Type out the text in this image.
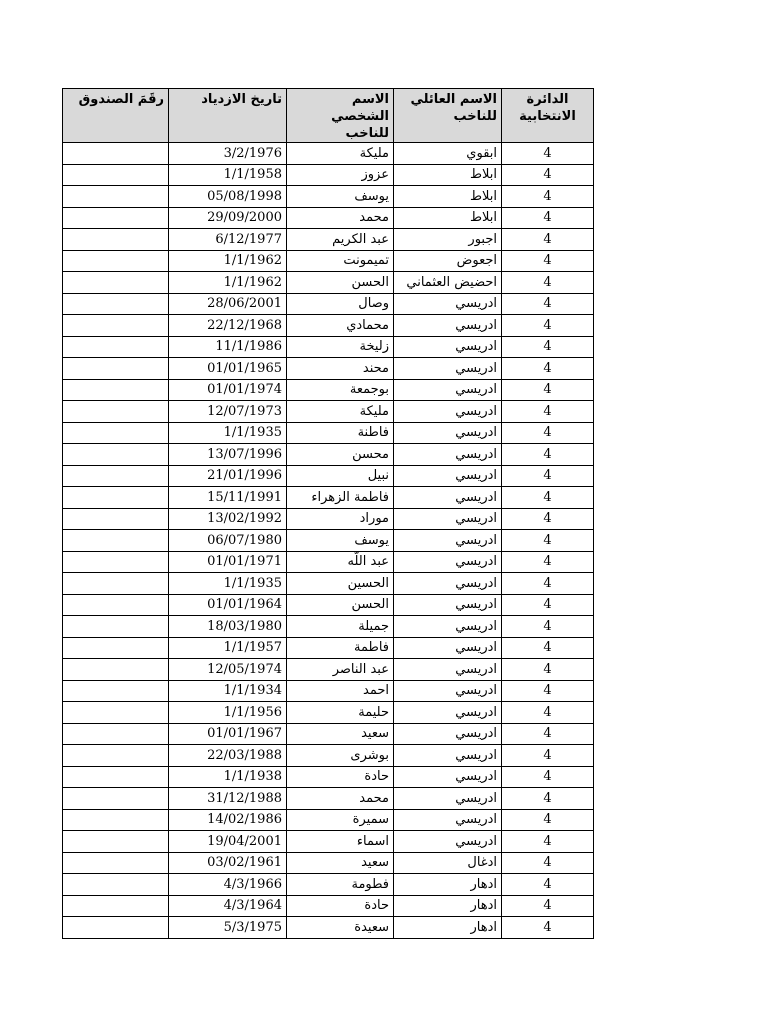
رقَمَ الصندوق	تاريخ الازدياد	الاسم الشخصي للناخب	الاسم العائلي للناخب	الدائرة الانتخابية
	3/2/1976	مليكة	ابقوي	4
	1/1/1958	عزوز	ابلاط	4
	05/08/1998	يوسف	ابلاط	4
	29/09/2000	محمد	ابلاط	4
	6/12/1977	عبد الكريم	اجبور	4
	1/1/1962	تميمونت	اجعوض	4
	1/1/1962	الحسن	احضيض العثماني	4
	28/06/2001	وصال	ادريسي	4
	22/12/1968	محمادي	ادريسي	4
	11/1/1986	زليخة	ادريسي	4
	01/01/1965	محند	ادريسي	4
	01/01/1974	بوجمعة	ادريسي	4
	12/07/1973	مليكة	ادريسي	4
	1/1/1935	فاطنة	ادريسي	4
	13/07/1996	محسن	ادريسي	4
	21/01/1996	نبيل	ادريسي	4
	15/11/1991	فاطمة الزهراء	ادريسي	4
	13/02/1992	موراد	ادريسي	4
	06/07/1980	يوسف	ادريسي	4
	01/01/1971	عبد اللّه	ادريسي	4
	1/1/1935	الحسين	ادريسي	4
	01/01/1964	الحسن	ادريسي	4
	18/03/1980	جميلة	ادريسي	4
	1/1/1957	فاطمة	ادريسي	4
	12/05/1974	عبد الناصر	ادريسي	4
	1/1/1934	احمد	ادريسي	4
	1/1/1956	حليمة	ادريسي	4
	01/01/1967	سعيد	ادريسي	4
	22/03/1988	بوشرى	ادريسي	4
	1/1/1938	حادة	ادريسي	4
	31/12/1988	محمد	ادريسي	4
	14/02/1986	سميرة	ادريسي	4
	19/04/2001	اسماء	ادريسي	4
	03/02/1961	سعيد	ادغال	4
	4/3/1966	فطومة	ادهار	4
	4/3/1964	حادة	ادهار	4
	5/3/1975	سعيدة	ادهار	4
